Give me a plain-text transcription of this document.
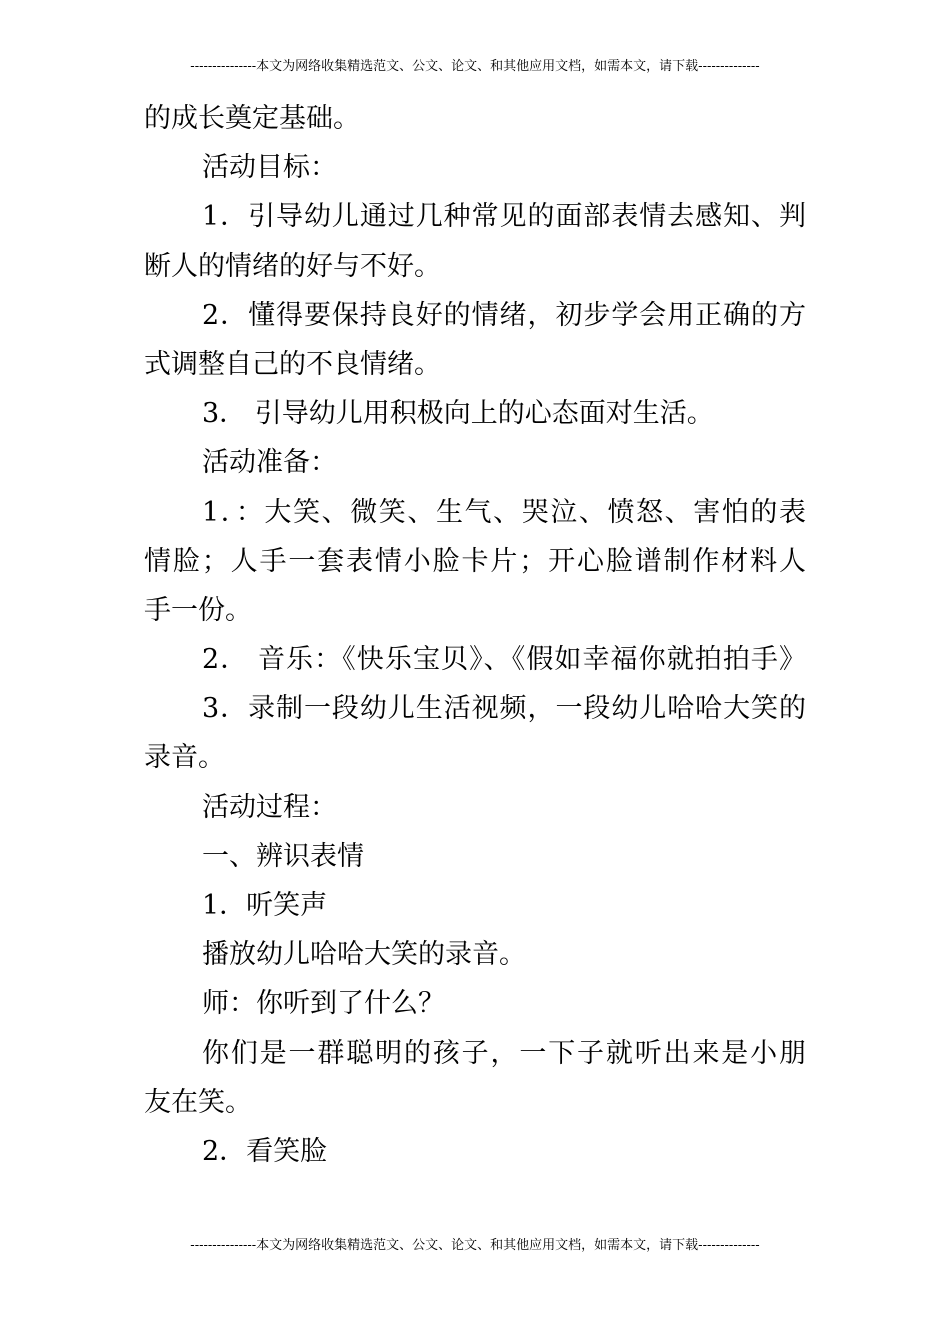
---------------本文为网络收集精选范文、公文、论文、和其他应用文档，如需本文，请下载--------------
的成长奠定基础。
活动目标：
1．引导幼儿通过几种常见的面部表情去感知、判
断人的情绪的好与不好。
2．懂得要保持良好的情绪，初步学会用正确的方
式调整自己的不良情绪。
3． 引导幼儿用积极向上的心态面对生活。
活动准备：
1．：大笑、微笑、生气、哭泣、愤怒、害怕的表
情脸；人手一套表情小脸卡片；开心脸谱制作材料人
手一份。
2． 音乐：《快乐宝贝》、《假如幸福你就拍拍手》
3．录制一段幼儿生活视频，一段幼儿哈哈大笑的
录音。
活动过程：
一、辨识表情
1．听笑声
播放幼儿哈哈大笑的录音。
师：你听到了什么？
你们是一群聪明的孩子，一下子就听出来是小朋
友在笑。
2．看笑脸
---------------本文为网络收集精选范文、公文、论文、和其他应用文档，如需本文，请下载--------------
